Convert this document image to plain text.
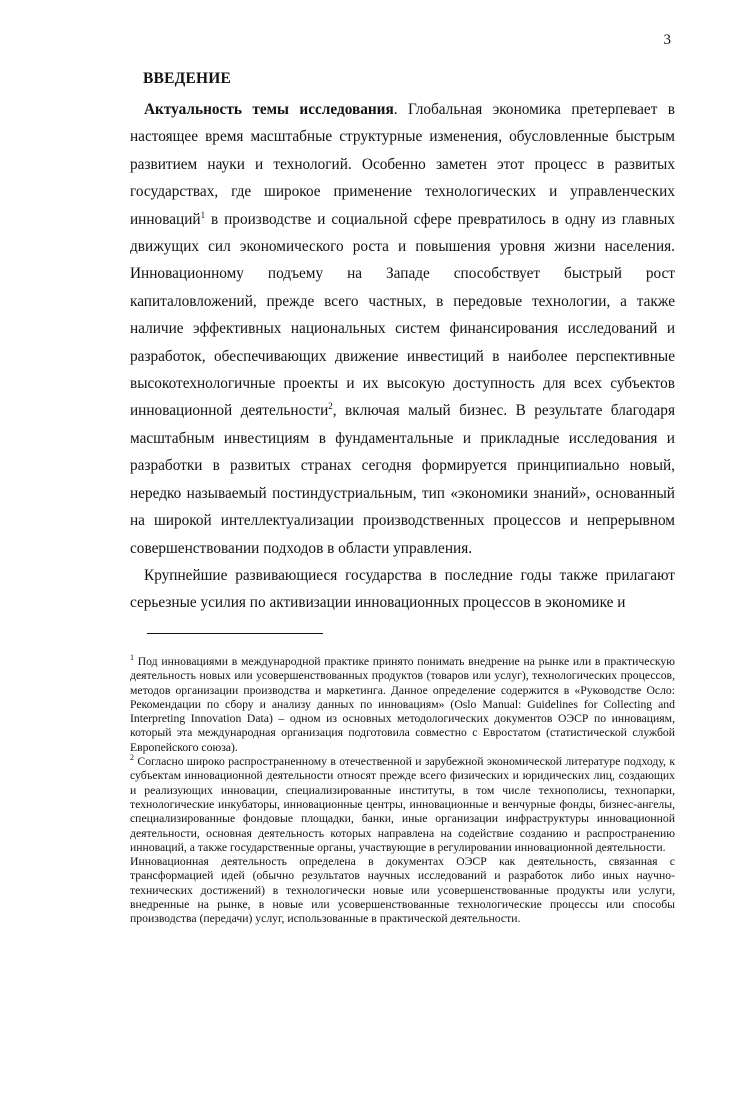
3
ВВЕДЕНИЕ

Актуальность темы исследования. Глобальная экономика претерпевает в настоящее время масштабные структурные изменения, обусловленные быстрым развитием науки и технологий. Особенно заметен этот процесс в развитых государствах, где широкое применение технологических и управленческих инноваций$^1$ в производстве и социальной сфере превратилось в одну из главных движущих сил экономического роста и повышения уровня жизни населения. Инновационному подъему на Западе способствует быстрый рост капиталовложений, прежде всего частных, в передовые технологии, а также наличие эффективных национальных систем финансирования исследований и разработок, обеспечивающих движение инвестиций в наиболее перспективные высокотехнологичные проекты и их высокую доступность для всех субъектов инновационной деятельности$^2$, включая малый бизнес. В результате благодаря масштабным инвестициям в фундаментальные и прикладные исследования и разработки в развитых странах сегодня формируется принципиально новый, нередко называемый постиндустриальным, тип «экономики знаний», основанный на широкой интеллектуализации производственных процессов и непрерывном совершенствовании подходов в области управления.

Крупнейшие развивающиеся государства в последние годы также прилагают серьезные усилия по активизации инновационных процессов в экономике и

$^1$ Под инновациями в международной практике принято понимать внедрение на рынке или в практическую деятельность новых или усовершенствованных продуктов (товаров или услуг), технологических процессов, методов организации производства и маркетинга. Данное определение содержится в «Руководстве Осло: Рекомендации по сбору и анализу данных по инновациям» (Oslo Manual: Guidelines for Collecting and Interpreting Innovation Data) – одном из основных методологических документов ОЭСР по инновациям, который эта международная организация подготовила совместно с Евростатом (статистической службой Европейского союза).

$^2$ Согласно широко распространенному в отечественной и зарубежной экономической литературе подходу, к субъектам инновационной деятельности относят прежде всего физических и юридических лиц, создающих и реализующих инновации, специализированные институты, в том числе технополисы, технопарки, технологические инкубаторы, инновационные центры, инновационные и венчурные фонды, бизнес-ангелы, специализированные фондовые площадки, банки, иные организации инфраструктуры инновационной деятельности, основная деятельность которых направлена на содействие созданию и распространению инноваций, а также государственные органы, участвующие в регулировании инновационной деятельности.

Инновационная деятельность определена в документах ОЭСР как деятельность, связанная с трансформацией идей (обычно результатов научных исследований и разработок либо иных научно-технических достижений) в технологически новые или усовершенствованные продукты или услуги, внедренные на рынке, в новые или усовершенствованные технологические процессы или способы производства (передачи) услуг, использованные в практической деятельности.
